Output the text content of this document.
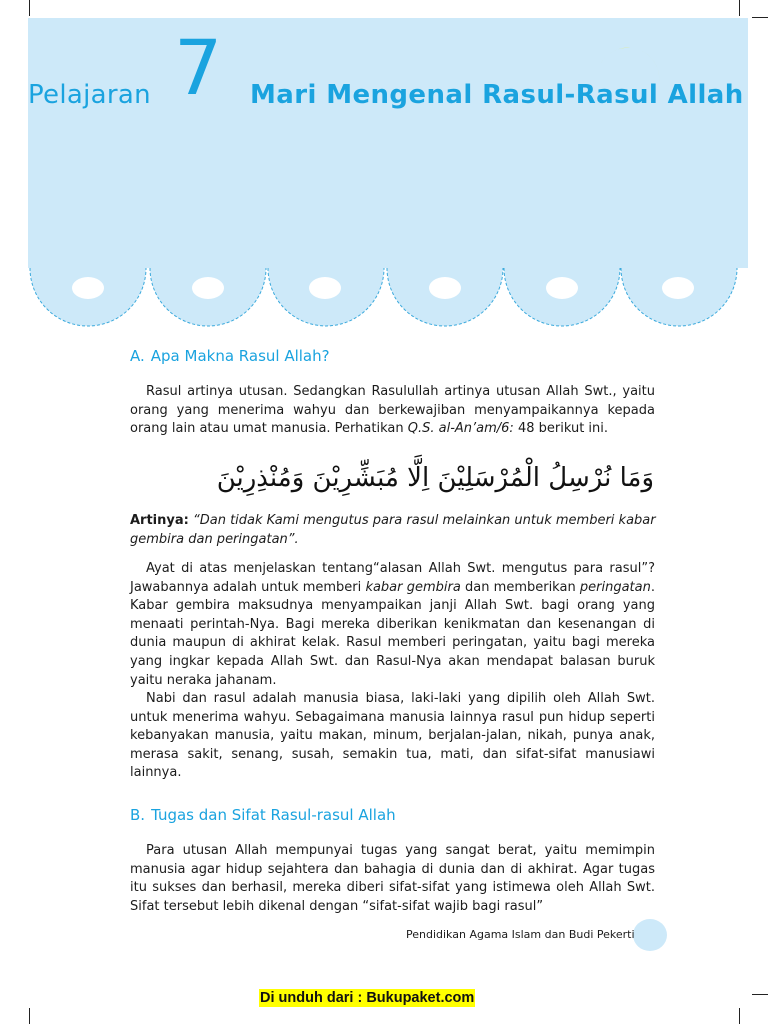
Pelajaran 7 Mari Mengenal Rasul-Rasul Allah
A. Apa Makna Rasul Allah?

Rasul artinya utusan. Sedangkan Rasulullah artinya utusan Allah Swt., yaitu orang yang menerima wahyu dan berkewajiban menyampaikannya kepada orang lain atau umat manusia. Perhatikan Q.S. al-An’am/6: 48 berikut ini.

وَمَا نُرْسِلُ الْمُرْسَلِيْنَ اِلَّا مُبَشِّرِيْنَ وَمُنْذِرِيْنَ

Artinya: “Dan tidak Kami mengutus para rasul melainkan untuk memberi kabar gembira dan peringatan”.

Ayat di atas menjelaskan tentang“alasan Allah Swt. mengutus para rasul”? Jawabannya adalah untuk memberi kabar gembira dan memberikan peringatan. Kabar gembira maksudnya menyampaikan janji Allah Swt. bagi orang yang menaati perintah-Nya. Bagi mereka diberikan kenikmatan dan kesenangan di dunia maupun di akhirat kelak. Rasul memberi peringatan, yaitu bagi mereka yang ingkar kepada Allah Swt. dan Rasul-Nya akan mendapat balasan buruk yaitu neraka jahanam.

Nabi dan rasul adalah manusia biasa, laki-laki yang dipilih oleh Allah Swt. untuk menerima wahyu. Sebagaimana manusia lainnya rasul pun hidup seperti kebanyakan manusia, yaitu makan, minum, berjalan-jalan, nikah, punya anak, merasa sakit, senang, susah, semakin tua, mati, dan sifat-sifat manusiawi lainnya.

B. Tugas dan Sifat Rasul-rasul Allah

Para utusan Allah mempunyai tugas yang sangat berat, yaitu memimpin manusia agar hidup sejahtera dan bahagia di dunia dan di akhirat. Agar tugas itu sukses dan berhasil, mereka diberi sifat-sifat yang istimewa oleh Allah Swt. Sifat tersebut lebih dikenal dengan “sifat-sifat wajib bagi rasul”

Pendidikan Agama Islam dan Budi Pekerti
Di unduh dari : Bukupaket.com
